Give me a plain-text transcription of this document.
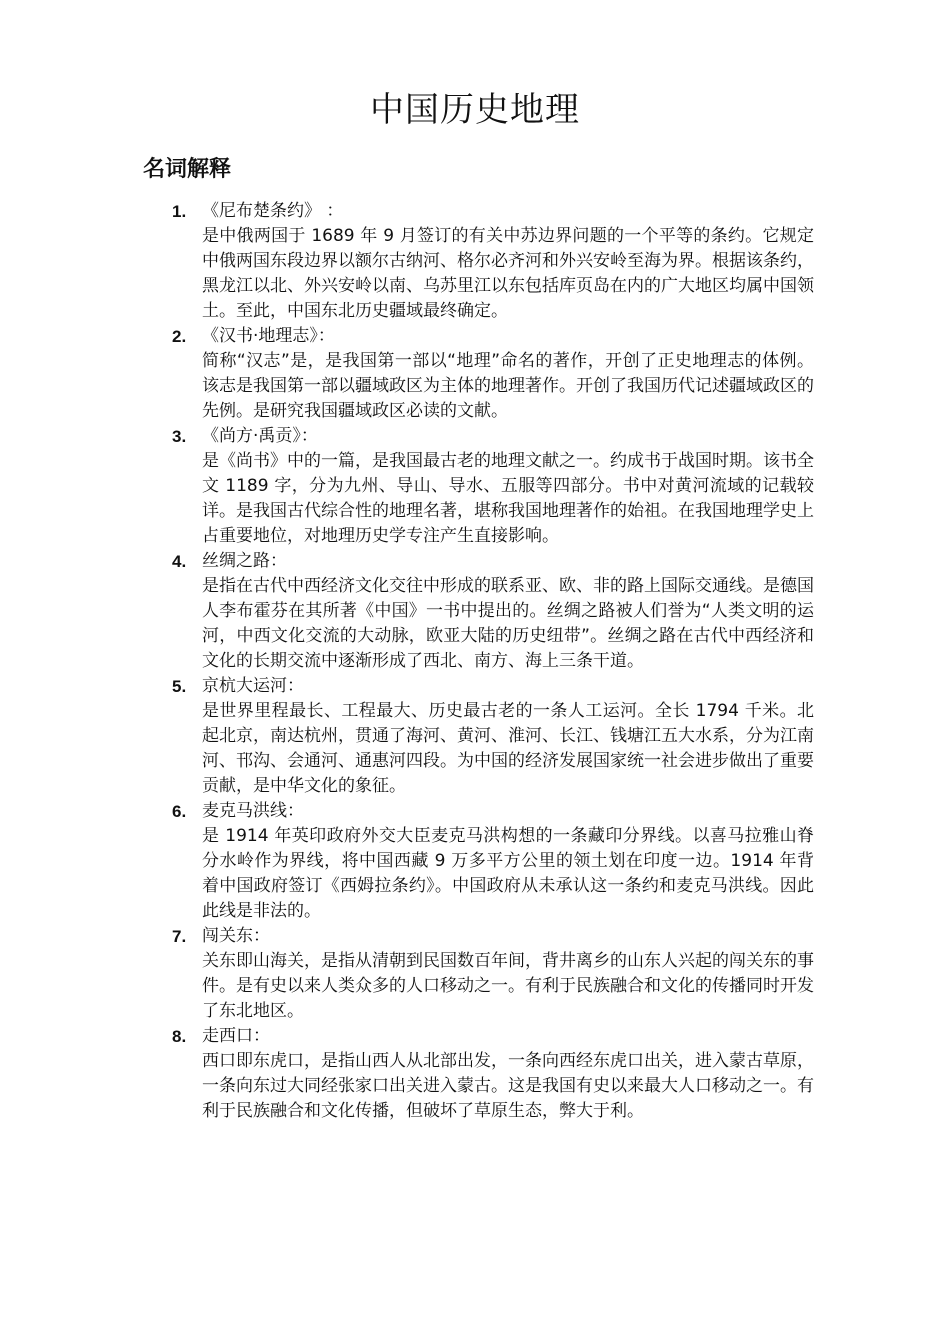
中国历史地理
名词解释
1. 《尼布楚条约》 ：

是中俄两国于 1689 年 9 月签订的有关中苏边界问题的一个平等的条约。它规定中俄两国东段边界以额尔古纳河、格尔必齐河和外兴安岭至海为界。根据该条约，黑龙江以北、外兴安岭以南、乌苏里江以东包括库页岛在内的广大地区均属中国领土。至此，中国东北历史疆域最终确定。

2. 《汉书·地理志》：

简称“汉志”是，是我国第一部以“地理”命名的著作，开创了正史地理志的体例。该志是我国第一部以疆域政区为主体的地理著作。开创了我国历代记述疆域政区的先例。是研究我国疆域政区必读的文献。

3. 《尚方·禹贡》：

是《尚书》中的一篇，是我国最古老的地理文献之一。约成书于战国时期。该书全文 1189 字，分为九州、导山、导水、五服等四部分。书中对黄河流域的记载较详。是我国古代综合性的地理名著，堪称我国地理著作的始祖。在我国地理学史上占重要地位，对地理历史学专注产生直接影响。

4. 丝绸之路：

是指在古代中西经济文化交往中形成的联系亚、欧、非的路上国际交通线。是德国人李布霍芬在其所著《中国》一书中提出的。丝绸之路被人们誉为“人类文明的运河，中西文化交流的大动脉，欧亚大陆的历史纽带”。丝绸之路在古代中西经济和文化的长期交流中逐渐形成了西北、南方、海上三条干道。

5. 京杭大运河：

是世界里程最长、工程最大、历史最古老的一条人工运河。全长 1794 千米。北起北京，南达杭州，贯通了海河、黄河、淮河、长江、钱塘江五大水系，分为江南河、邗沟、会通河、通惠河四段。为中国的经济发展国家统一社会进步做出了重要贡献，是中华文化的象征。

6. 麦克马洪线：

是 1914 年英印政府外交大臣麦克马洪构想的一条藏印分界线。以喜马拉雅山脊分水岭作为界线，将中国西藏 9 万多平方公里的领土划在印度一边。1914 年背着中国政府签订《西姆拉条约》。中国政府从未承认这一条约和麦克马洪线。因此此线是非法的。

7. 闯关东：

关东即山海关，是指从清朝到民国数百年间，背井离乡的山东人兴起的闯关东的事件。是有史以来人类众多的人口移动之一。有利于民族融合和文化的传播同时开发了东北地区。

8. 走西口：

西口即东虎口，是指山西人从北部出发，一条向西经东虎口出关，进入蒙古草原，一条向东过大同经张家口出关进入蒙古。这是我国有史以来最大人口移动之一。有利于民族融合和文化传播，但破坏了草原生态，弊大于利。
